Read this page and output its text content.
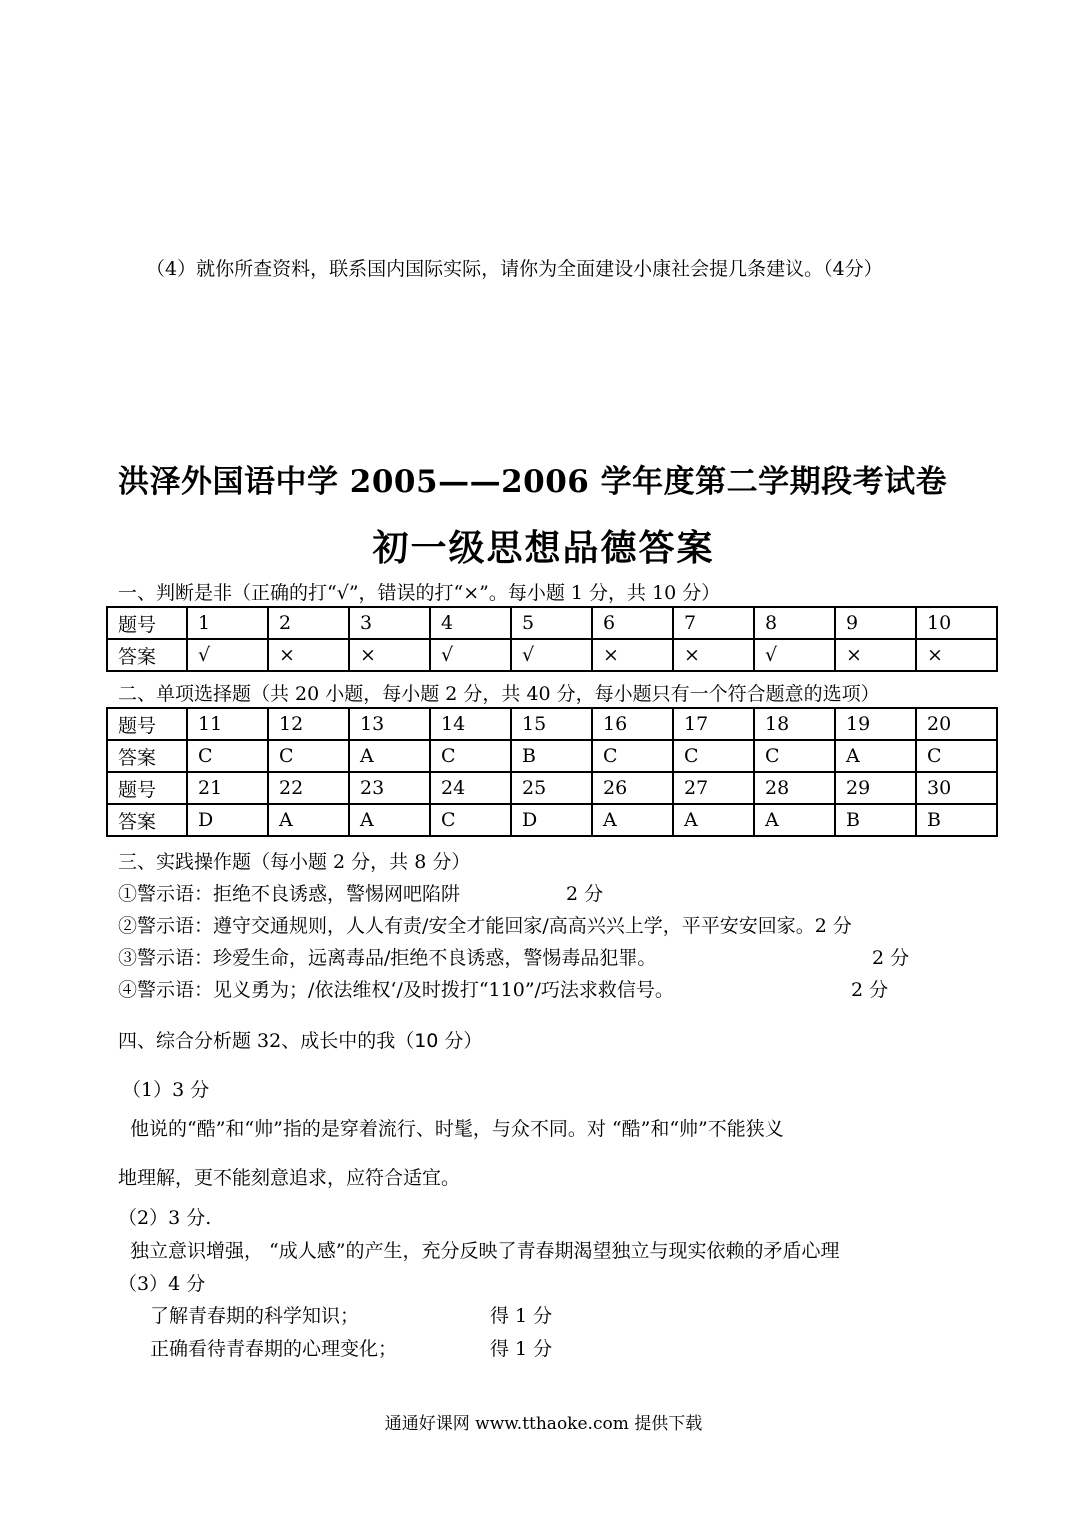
（4）就你所查资料，联系国内国际实际，请你为全面建设小康社会提几条建议。（4分）
洪泽外国语中学 2005——2006 学年度第二学期段考试卷
初一级思想品德答案
一、判断是非（正确的打“√”，错误的打“×”。每小题 1 分，共 10 分）
题号	1	2	3	4	5	6	7	8	9	10
答案	√	×	×	√	√	×	×	√	×	×
二、单项选择题（共 20 小题，每小题 2 分，共 40 分，每小题只有一个符合题意的选项）
题号	11	12	13	14	15	16	17	18	19	20
答案	C	C	A	C	B	C	C	C	A	C
题号	21	22	23	24	25	26	27	28	29	30
答案	D	A	A	C	D	A	A	A	B	B
三、实践操作题（每小题 2 分，共 8 分）
①警示语：拒绝不良诱惑，警惕网吧陷阱	2 分
②警示语：遵守交通规则，人人有责/安全才能回家/高高兴兴上学，平平安安回家。2 分
③警示语：珍爱生命，远离毒品/拒绝不良诱惑，警惕毒品犯罪。	2 分
④警示语：见义勇为；/依法维权‘/及时拨打“110”/巧法求救信号。	2 分
四、综合分析题 32、成长中的我（10 分）
（1）3 分
他说的“酷”和“帅”指的是穿着流行、时髦，与众不同。对 “酷”和“帅”不能狭义
地理解，更不能刻意追求，应符合适宜。
（2）3 分.
独立意识增强， “成人感”的产生，充分反映了青春期渴望独立与现实依赖的矛盾心理
（3）4 分
了解青春期的科学知识；	得 1 分
正确看待青春期的心理变化；	得 1 分
通通好课网 www.tthaoke.com 提供下载
